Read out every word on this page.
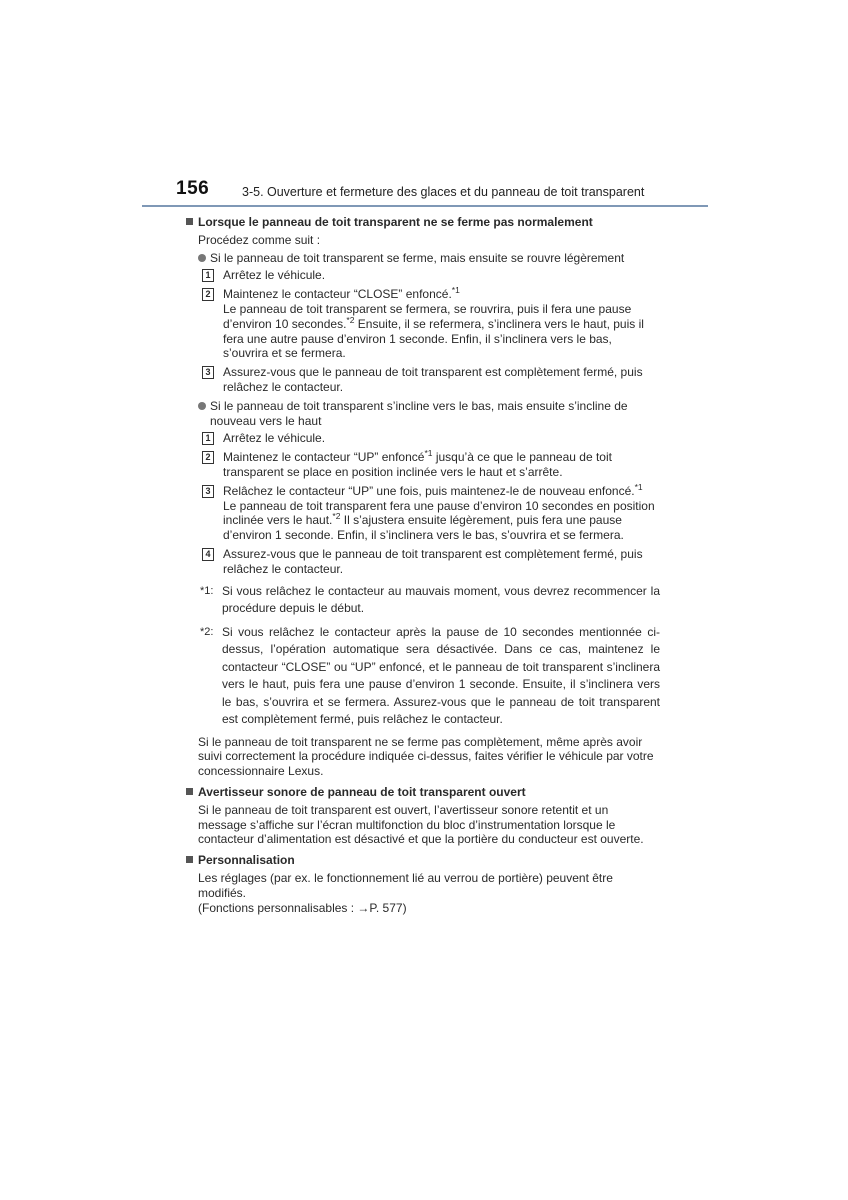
156	3-5. Ouverture et fermeture des glaces et du panneau de toit transparent
Lorsque le panneau de toit transparent ne se ferme pas normalement
Procédez comme suit :
Si le panneau de toit transparent se ferme, mais ensuite se rouvre légèrement
1 Arrêtez le véhicule.
2 Maintenez le contacteur “CLOSE” enfoncé.$^{*1}$
Le panneau de toit transparent se fermera, se rouvrira, puis il fera une pause d’environ 10 secondes.$^{*2}$ Ensuite, il se refermera, s’inclinera vers le haut, puis il fera une autre pause d’environ 1 seconde. Enfin, il s’inclinera vers le bas, s’ouvrira et se fermera.
3 Assurez-vous que le panneau de toit transparent est complètement fermé, puis relâchez le contacteur.
Si le panneau de toit transparent s’incline vers le bas, mais ensuite s’incline de nouveau vers le haut
1 Arrêtez le véhicule.
2 Maintenez le contacteur “UP” enfoncé$^{*1}$ jusqu’à ce que le panneau de toit transparent se place en position inclinée vers le haut et s’arrête.
3 Relâchez le contacteur “UP” une fois, puis maintenez-le de nouveau enfoncé.$^{*1}$
Le panneau de toit transparent fera une pause d’environ 10 secondes en position inclinée vers le haut.$^{*2}$ Il s’ajustera ensuite légèrement, puis fera une pause d’environ 1 seconde. Enfin, il s’inclinera vers le bas, s’ouvrira et se fermera.
4 Assurez-vous que le panneau de toit transparent est complètement fermé, puis relâchez le contacteur.
*1: Si vous relâchez le contacteur au mauvais moment, vous devrez recommencer la procédure depuis le début.
*2: Si vous relâchez le contacteur après la pause de 10 secondes mentionnée ci-dessus, l’opération automatique sera désactivée. Dans ce cas, maintenez le contacteur “CLOSE” ou “UP” enfoncé, et le panneau de toit transparent s’inclinera vers le haut, puis fera une pause d’environ 1 seconde. Ensuite, il s’inclinera vers le bas, s’ouvrira et se fermera. Assurez-vous que le panneau de toit transparent est complètement fermé, puis relâchez le contacteur.
Si le panneau de toit transparent ne se ferme pas complètement, même après avoir suivi correctement la procédure indiquée ci-dessus, faites vérifier le véhicule par votre concessionnaire Lexus.
Avertisseur sonore de panneau de toit transparent ouvert
Si le panneau de toit transparent est ouvert, l’avertisseur sonore retentit et un message s’affiche sur l’écran multifonction du bloc d’instrumentation lorsque le contacteur d’alimentation est désactivé et que la portière du conducteur est ouverte.
Personnalisation
Les réglages (par ex. le fonctionnement lié au verrou de portière) peuvent être modifiés.
(Fonctions personnalisables : →P. 577)
